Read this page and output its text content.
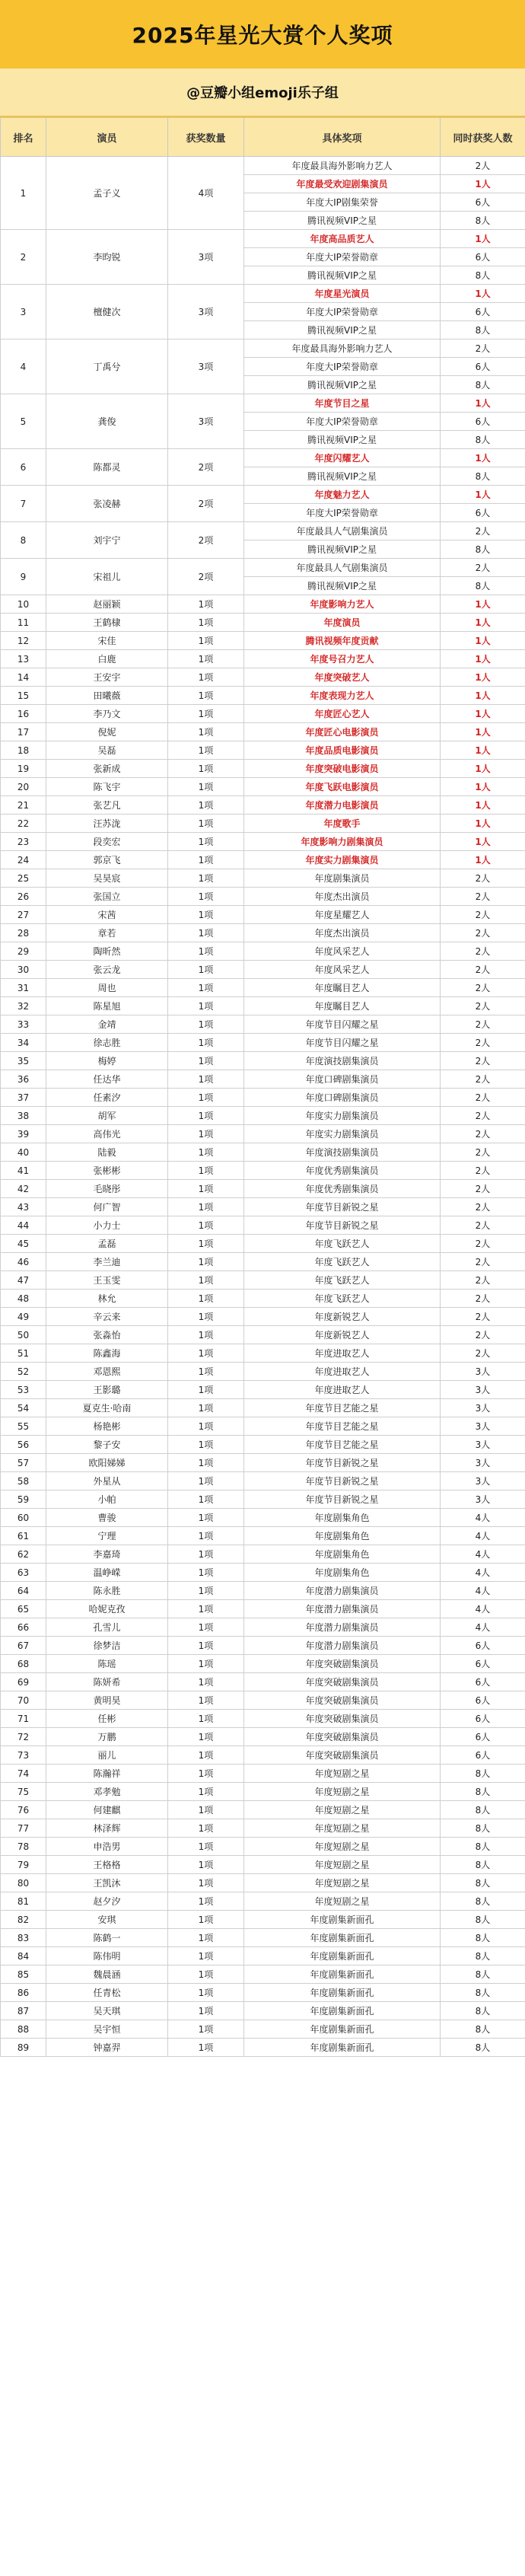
2025年星光大赏个人奖项
@豆瓣小组emoji乐子组
排名	演员	获奖数量	具体奖项	同时获奖人数
1	孟子义	4项	年度最具海外影响力艺人	2人
			年度最受欢迎剧集演员	1人
			年度大IP剧集荣誉	6人
			腾讯视频VIP之星	8人
2	李昀锐	3项	年度高品质艺人	1人
			年度大IP荣誉勋章	6人
			腾讯视频VIP之星	8人
3	檀健次	3项	年度星光演员	1人
			年度大IP荣誉勋章	6人
			腾讯视频VIP之星	8人
4	丁禹兮	3项	年度最具海外影响力艺人	2人
			年度大IP荣誉勋章	6人
			腾讯视频VIP之星	8人
5	龚俊	3项	年度节目之星	1人
			年度大IP荣誉勋章	6人
			腾讯视频VIP之星	8人
6	陈都灵	2项	年度闪耀艺人	1人
			腾讯视频VIP之星	8人
7	张凌赫	2项	年度魅力艺人	1人
			年度大IP荣誉勋章	6人
8	刘宇宁	2项	年度最具人气剧集演员	2人
			腾讯视频VIP之星	8人
9	宋祖儿	2项	年度最具人气剧集演员	2人
			腾讯视频VIP之星	8人
10	赵丽颖	1项	年度影响力艺人	1人
11	王鹤棣	1项	年度演员	1人
12	宋佳	1项	腾讯视频年度贡献	1人
13	白鹿	1项	年度号召力艺人	1人
14	王安宇	1项	年度突破艺人	1人
15	田曦薇	1项	年度表现力艺人	1人
16	李乃文	1项	年度匠心艺人	1人
17	倪妮	1项	年度匠心电影演员	1人
18	吴磊	1项	年度品质电影演员	1人
19	张新成	1项	年度突破电影演员	1人
20	陈飞宇	1项	年度飞跃电影演员	1人
21	张艺凡	1项	年度潜力电影演员	1人
22	汪苏泷	1项	年度歌手	1人
23	段奕宏	1项	年度影响力剧集演员	1人
24	郭京飞	1项	年度实力剧集演员	1人
25	吴昊宸	1项	年度剧集演员	2人
26	张国立	1项	年度杰出演员	2人
27	宋茜	1项	年度星耀艺人	2人
28	章若	1项	年度杰出演员	2人
29	陶昕然	1项	年度风采艺人	2人
30	张云龙	1项	年度风采艺人	2人
31	周也	1项	年度瞩目艺人	2人
32	陈星旭	1项	年度瞩目艺人	2人
33	金靖	1项	年度节目闪耀之星	2人
34	徐志胜	1项	年度节目闪耀之星	2人
35	梅婷	1项	年度演技剧集演员	2人
36	任达华	1项	年度口碑剧集演员	2人
37	任素汐	1项	年度口碑剧集演员	2人
38	胡军	1项	年度实力剧集演员	2人
39	高伟光	1项	年度实力剧集演员	2人
40	陆毅	1项	年度演技剧集演员	2人
41	张彬彬	1项	年度优秀剧集演员	2人
42	毛晓彤	1项	年度优秀剧集演员	2人
43	何广智	1项	年度节目新锐之星	2人
44	小力士	1项	年度节目新锐之星	2人
45	孟磊	1项	年度飞跃艺人	2人
46	李兰迪	1项	年度飞跃艺人	2人
47	王玉雯	1项	年度飞跃艺人	2人
48	林允	1项	年度飞跃艺人	2人
49	辛云来	1项	年度新锐艺人	2人
50	张淼怡	1项	年度新锐艺人	2人
51	陈鑫海	1项	年度进取艺人	2人
52	邓恩熙	1项	年度进取艺人	3人
53	王影璐	1项	年度进取艺人	3人
54	夏克生·哈南	1项	年度节目艺能之星	3人
55	杨艳彬	1项	年度节目艺能之星	3人
56	黎子安	1项	年度节目艺能之星	3人
57	欧阳娣娣	1项	年度节目新锐之星	3人
58	外星从	1项	年度节目新锐之星	3人
59	小帕	1项	年度节目新锐之星	3人
60	曹骏	1项	年度剧集角色	4人
61	宁理	1项	年度剧集角色	4人
62	李嘉琦	1项	年度剧集角色	4人
63	温峥嵘	1项	年度剧集角色	4人
64	陈永胜	1项	年度潜力剧集演员	4人
65	哈妮克孜	1项	年度潜力剧集演员	4人
66	孔雪儿	1项	年度潜力剧集演员	4人
67	徐梦洁	1项	年度潜力剧集演员	6人
68	陈瑶	1项	年度突破剧集演员	6人
69	陈妍希	1项	年度突破剧集演员	6人
70	黄明昊	1项	年度突破剧集演员	6人
71	任彬	1项	年度突破剧集演员	6人
72	万鹏	1项	年度突破剧集演员	6人
73	丽儿	1项	年度突破剧集演员	6人
74	陈瀚祥	1项	年度短剧之星	8人
75	邓孝勉	1项	年度短剧之星	8人
76	何建麒	1项	年度短剧之星	8人
77	林泽辉	1项	年度短剧之星	8人
78	申浩男	1项	年度短剧之星	8人
79	王格格	1项	年度短剧之星	8人
80	王凯沐	1项	年度短剧之星	8人
81	赵夕汐	1项	年度短剧之星	8人
82	安琪	1项	年度剧集新面孔	8人
83	陈鹤一	1项	年度剧集新面孔	8人
84	陈伟明	1项	年度剧集新面孔	8人
85	魏晨涵	1项	年度剧集新面孔	8人
86	任青松	1项	年度剧集新面孔	8人
87	吴天琪	1项	年度剧集新面孔	8人
88	吴宇恒	1项	年度剧集新面孔	8人
89	钟嘉羿	1项	年度剧集新面孔	8人
